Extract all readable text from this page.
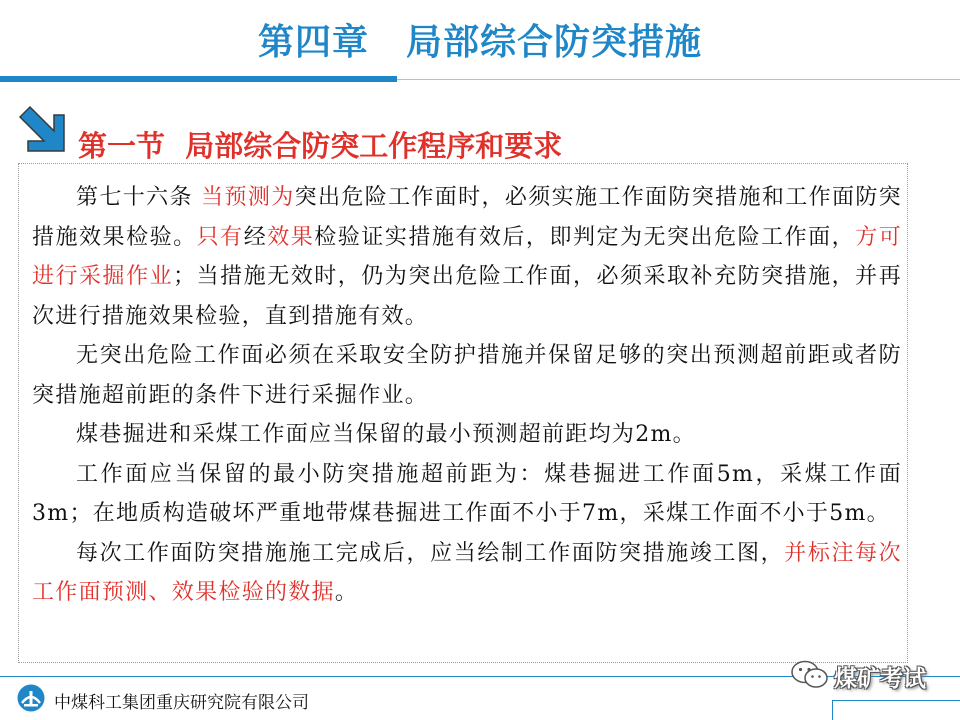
第四章　局部综合防突措施
第一节  局部综合防突工作程序和要求

第七十六条 当预测为突出危险工作面时，必须实施工作面防突措施和工作面防突措施效果检验。只有经效果检验证实措施有效后，即判定为无突出危险工作面，方可进行采掘作业；当措施无效时，仍为突出危险工作面，必须采取补充防突措施，并再次进行措施效果检验，直到措施有效。

无突出危险工作面必须在采取安全防护措施并保留足够的突出预测超前距或者防突措施超前距的条件下进行采掘作业。

煤巷掘进和采煤工作面应当保留的最小预测超前距均为2m。

工作面应当保留的最小防突措施超前距为：煤巷掘进工作面5m，采煤工作面3m；在地质构造破坏严重地带煤巷掘进工作面不小于7m，采煤工作面不小于5m。

每次工作面防突措施施工完成后，应当绘制工作面防突措施竣工图，并标注每次工作面预测、效果检验的数据。

中煤科工集团重庆研究院有限公司
煤矿考试
